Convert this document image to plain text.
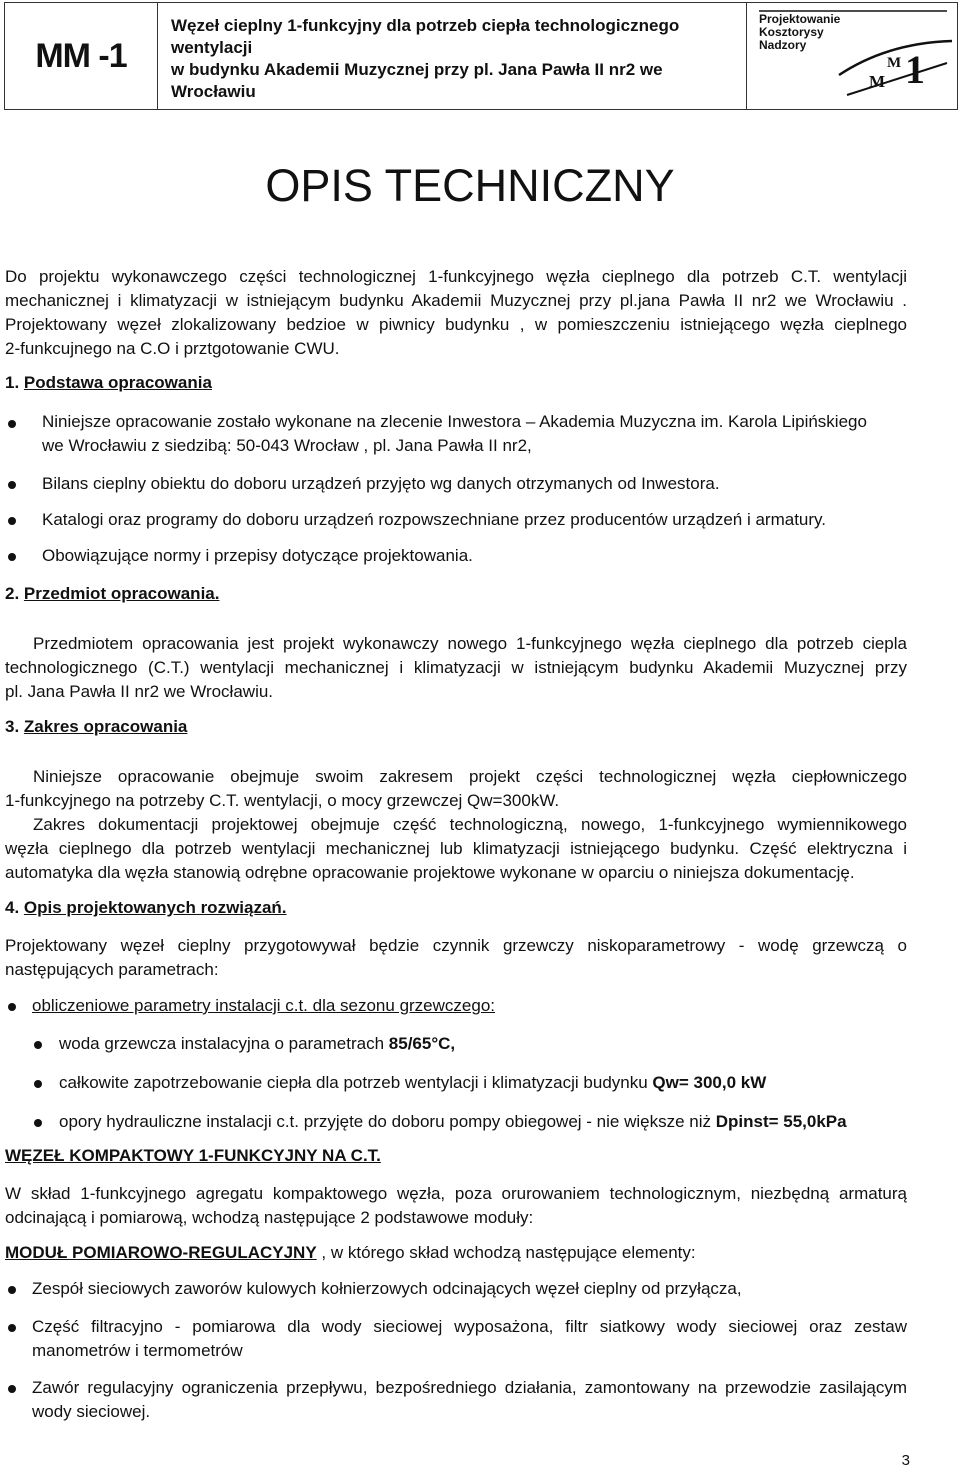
MM -1
Węzeł cieplny 1-funkcyjny dla potrzeb ciepła technologicznego wentylacji
w budynku Akademii Muzycznej przy pl. Jana Pawła II nr2 we Wrocławiu
Projektowanie
Kosztorysy
Nadzory
M
M 1
OPIS TECHNICZNY
Do projektu wykonawczego części technologicznej 1-funkcyjnego węzła cieplnego dla potrzeb C.T. wentylacji
mechanicznej i klimatyzacji w istniejącym budynku Akademii Muzycznej przy pl.jana Pawła II nr2 we Wrocławiu .
Projektowany węzeł zlokalizowany bedzioe w piwnicy budynku , w pomieszczeniu istniejącego węzła cieplnego
2-funkcujnego na C.O i prztgotowanie CWU.
1. Podstawa opracowania
Niniejsze opracowanie zostało wykonane na zlecenie Inwestora – Akademia Muzyczna im. Karola Lipińskiego
we Wrocławiu z siedzibą: 50-043 Wrocław , pl. Jana Pawła II nr2,
Bilans cieplny obiektu do doboru urządzeń przyjęto wg danych otrzymanych od Inwestora.
Katalogi oraz programy do doboru urządzeń rozpowszechniane przez producentów urządzeń i armatury.
Obowiązujące normy i przepisy dotyczące projektowania.
2. Przedmiot opracowania.
Przedmiotem opracowania jest projekt wykonawczy nowego 1-funkcyjnego węzła cieplnego dla potrzeb ciepla
technologicznego (C.T.) wentylacji mechanicznej i klimatyzacji w istniejącym budynku Akademii Muzycznej przy
pl. Jana Pawła II nr2 we Wrocławiu.
3. Zakres opracowania
Niniejsze opracowanie obejmuje swoim zakresem projekt części technologicznej węzła ciepłowniczego
1-funkcyjnego na potrzeby C.T. wentylacji, o mocy grzewczej Qw=300kW.
Zakres dokumentacji projektowej obejmuje część technologiczną, nowego, 1-funkcyjnego wymiennikowego
węzła cieplnego dla potrzeb wentylacji mechanicznej lub klimatyzacji istniejącego budynku. Część elektryczna i
automatyka dla węzła stanowią odrębne opracowanie projektowe wykonane w oparciu o niniejsza dokumentację.
4. Opis projektowanych rozwiązań.
Projektowany węzeł cieplny przygotowywał będzie czynnik grzewczy niskoparametrowy - wodę grzewczą o
następujących parametrach:
obliczeniowe parametry instalacji c.t. dla sezonu grzewczego:
woda grzewcza instalacyjna o parametrach 85/65°C,
całkowite zapotrzebowanie ciepła dla potrzeb wentylacji i klimatyzacji budynku Qw= 300,0 kW
opory hydrauliczne instalacji c.t. przyjęte do doboru pompy obiegowej - nie większe niż Dpinst= 55,0kPa
WĘZEŁ KOMPAKTOWY 1-FUNKCYJNY NA C.T.
W skład 1-funkcyjnego agregatu kompaktowego węzła, poza orurowaniem technologicznym, niezbędną armaturą
odcinającą i pomiarową, wchodzą następujące 2 podstawowe moduły:
MODUŁ POMIAROWO-REGULACYJNY , w którego skład wchodzą następujące elementy:
Zespół sieciowych zaworów kulowych kołnierzowych odcinających węzeł cieplny od przyłącza,
Część filtracyjno - pomiarowa dla wody sieciowej wyposażona, filtr siatkowy wody sieciowej oraz zestaw
manometrów i termometrów
Zawór regulacyjny ograniczenia przepływu, bezpośredniego działania, zamontowany na przewodzie zasilającym
wody sieciowej.
3
